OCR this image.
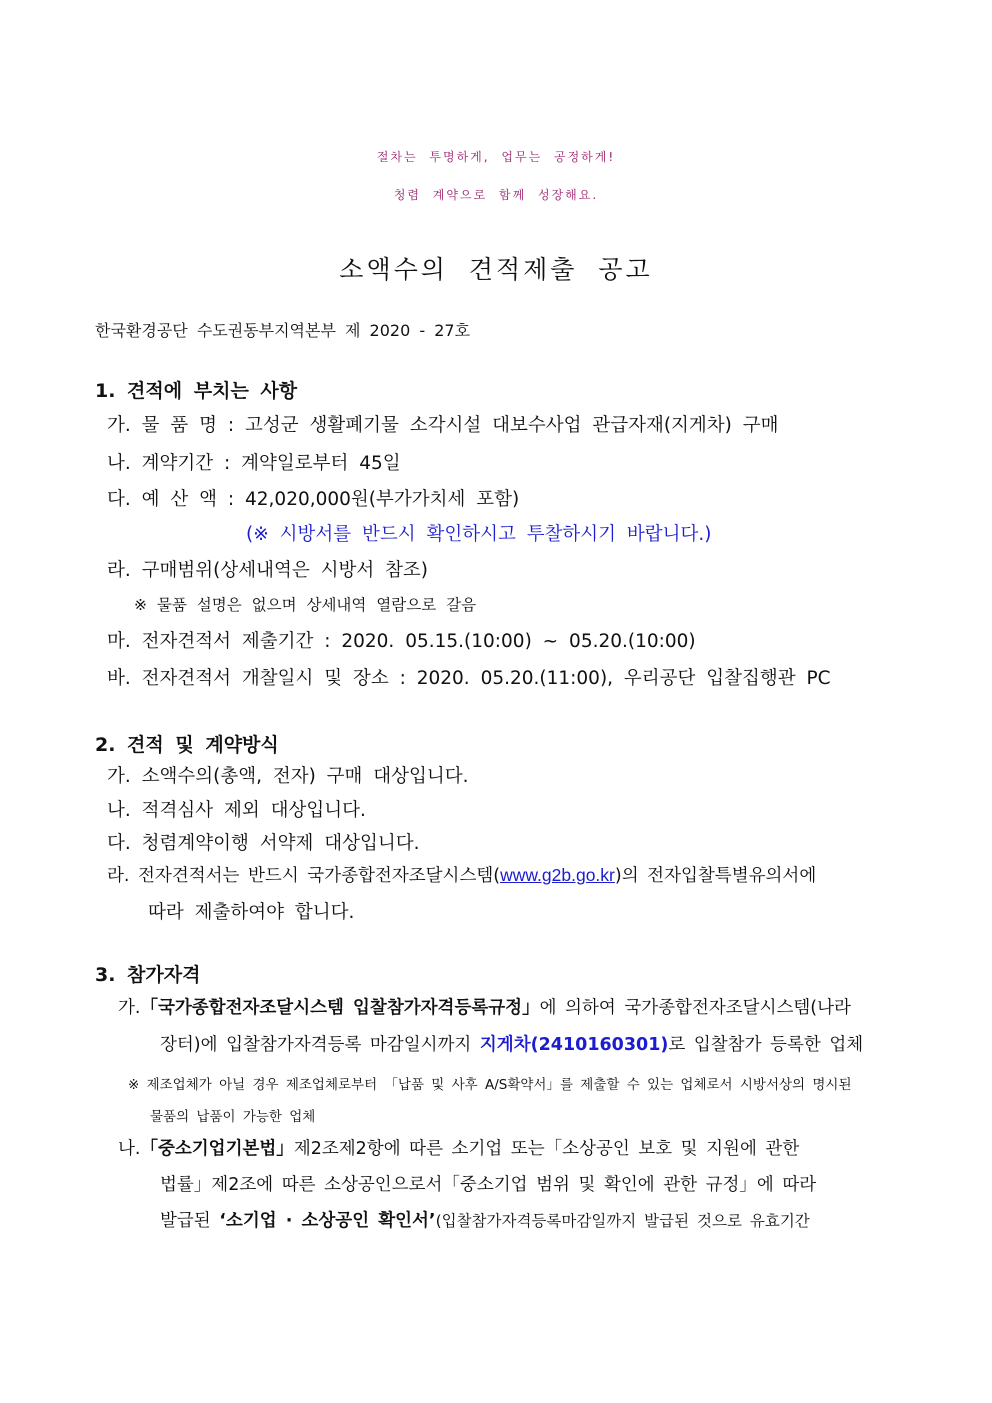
절차는 투명하게, 업무는 공정하게!
청렴 계약으로 함께 성장해요.
소액수의 견적제출 공고
한국환경공단 수도권동부지역본부 제 2020 - 27호
1. 견적에 부치는 사항
가. 물 품 명 : 고성군 생활폐기물 소각시설 대보수사업 관급자재(지게차) 구매
나. 계약기간 : 계약일로부터 45일
다. 예 산 액 : 42,020,000원(부가가치세 포함)
(※ 시방서를 반드시 확인하시고 투찰하시기 바랍니다.)
라. 구매범위(상세내역은 시방서 참조)
※ 물품 설명은 없으며 상세내역 열람으로 갈음
마. 전자견적서 제출기간 : 2020. 05.15.(10:00) ~ 05.20.(10:00)
바. 전자견적서 개찰일시 및 장소 : 2020. 05.20.(11:00), 우리공단 입찰집행관 PC
2. 견적 및 계약방식
가. 소액수의(총액, 전자) 구매 대상입니다.
나. 적격심사 제외 대상입니다.
다. 청렴계약이행 서약제 대상입니다.
라. 전자견적서는 반드시 국가종합전자조달시스템(www.g2b.go.kr)의 전자입찰특별유의서에
따라 제출하여야 합니다.
3. 참가자격
가.「국가종합전자조달시스템 입찰참가자격등록규정」에 의하여 국가종합전자조달시스템(나라
장터)에 입찰참가자격등록 마감일시까지 지게차(2410160301)로 입찰참가 등록한 업체
※ 제조업체가 아닐 경우 제조업체로부터 「납품 및 사후 A/S확약서」를 제출할 수 있는 업체로서 시방서상의 명시된
물품의 납품이 가능한 업체
나.「중소기업기본법」제2조제2항에 따른 소기업 또는「소상공인 보호 및 지원에 관한
법률」제2조에 따른 소상공인으로서「중소기업 범위 및 확인에 관한 규정」에 따라
발급된 ‘소기업 · 소상공인 확인서’(입찰참가자격등록마감일까지 발급된 것으로 유효기간
